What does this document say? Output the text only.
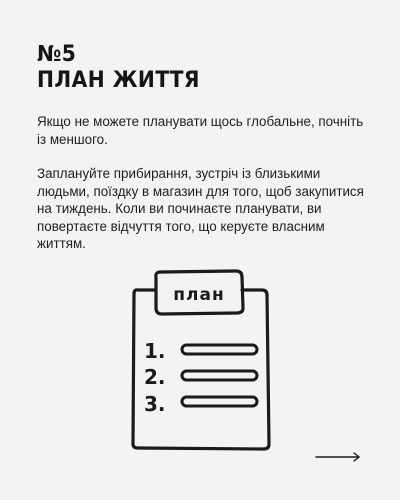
№5
ПЛАН ЖИТТЯ

Якщо не можете планувати щось глобальне, почніть із меншого.

Заплануйте прибирання, зустріч із близькими людьми, поїздку в магазин для того, щоб закупитися на тиждень. Коли ви починаєте планувати, ви повертаєте відчуття того, що керуєте власним життям.

план
1.
2.
3.
